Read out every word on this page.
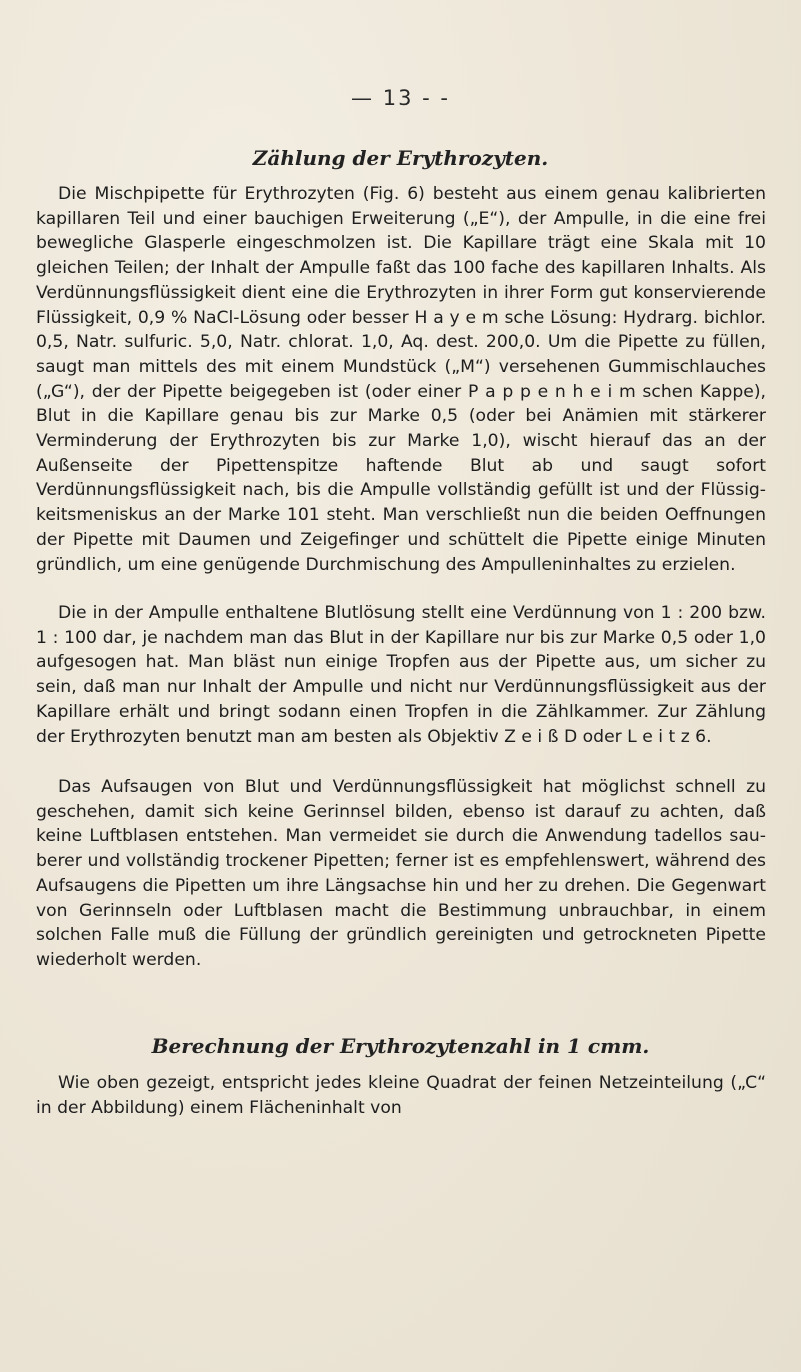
— 13 - -
Zählung der Erythrozyten.

Die Mischpipette für Erythrozyten (Fig. 6) besteht aus einem genau kalibrierten kapillaren Teil und einer bauchigen Erweiterung („E“), der Ampulle, in die eine frei bewegliche Glasperle eingeschmolzen ist. Die Kapillare trägt eine Skala mit 10 gleichen Teilen; der Inhalt der Ampulle faßt das 100 fache des kapillaren Inhalts. Als Verdünnungsflüssigkeit dient eine die Erythrozyten in ihrer Form gut konservierende Flüssigkeit, 0,9 % NaCl-Lösung oder besser H a y e m sche Lösung: Hydrarg. bichlor. 0,5, Natr. sulfuric. 5,0, Natr. chlorat. 1,0, Aq. dest. 200,0. Um die Pipette zu füllen, saugt man mittels des mit einem Mundstück („M“) versehenen Gummischlauches („G“), der der Pipette beigegeben ist (oder einer P a p p e n h e i m schen Kappe), Blut in die Kapillare genau bis zur Marke 0,5 (oder bei Anämien mit stärkerer Verminderung der Erythrozyten bis zur Marke 1,0), wischt hierauf das an der Außenseite der Pipettenspitze haftende Blut ab und saugt sofort Verdünnungsflüssigkeit nach, bis die Ampulle vollständig gefüllt ist und der Flüssigkeitsmeniskus an der Marke 101 steht. Man verschließt nun die beiden Oeffnungen der Pipette mit Daumen und Zeigefinger und schüttelt die Pipette einige Minuten gründlich, um eine genügende Durchmischung des Ampulleninhaltes zu erzielen.

Die in der Ampulle enthaltene Blutlösung stellt eine Verdünnung von 1 : 200 bzw. 1 : 100 dar, je nachdem man das Blut in der Kapillare nur bis zur Marke 0,5 oder 1,0 aufgesogen hat. Man bläst nun einige Tropfen aus der Pipette aus, um sicher zu sein, daß man nur Inhalt der Ampulle und nicht nur Verdünnungsflüssigkeit aus der Kapillare erhält und bringt sodann einen Tropfen in die Zählkammer. Zur Zählung der Erythrozyten benutzt man am besten als Objektiv Z e i ß D oder L e i t z 6.

Das Aufsaugen von Blut und Verdünnungsflüssigkeit hat möglichst schnell zu geschehen, damit sich keine Gerinnsel bilden, ebenso ist darauf zu achten, daß keine Luftblasen entstehen. Man vermeidet sie durch die Anwendung tadellos sauberer und vollständig trockener Pipetten; ferner ist es empfehlenswert, während des Aufsaugens die Pipetten um ihre Längsachse hin und her zu drehen. Die Gegenwart von Gerinnseln oder Luftblasen macht die Bestimmung unbrauchbar, in einem solchen Falle muß die Füllung der gründlich gereinigten und getrockneten Pipette wiederholt werden.

Berechnung der Erythrozytenzahl in 1 cmm.

Wie oben gezeigt, entspricht jedes kleine Quadrat der feinen Netzeinteilung („C“ in der Abbildung) einem Flächeninhalt von
